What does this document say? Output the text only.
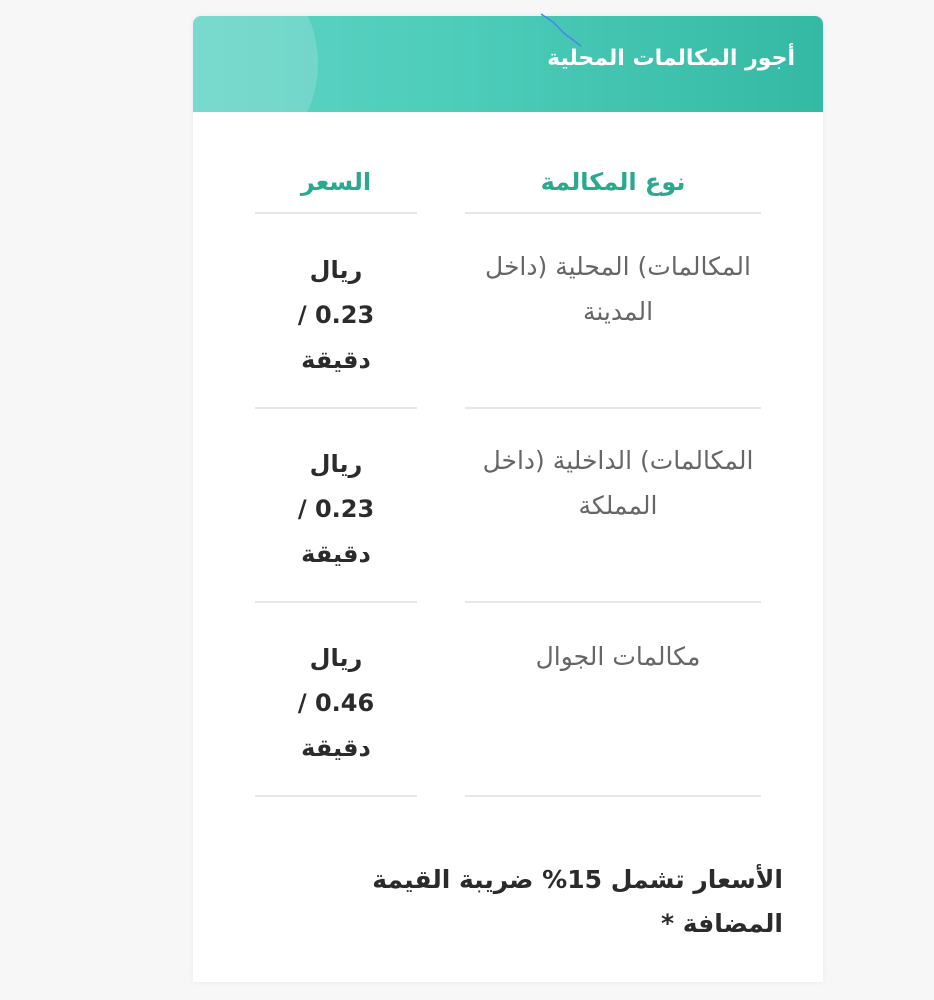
أجور المكالمات المحلية
نوع المكالمة
السعر
المكالمات) المحلية (داخل المدينة
ريال
0.23 /
دقيقة
المكالمات) الداخلية (داخل المملكة
ريال
0.23 /
دقيقة
مكالمات الجوال
ريال
0.46 /
دقيقة
الأسعار تشمل 15% ضريبة القيمة المضافة *
